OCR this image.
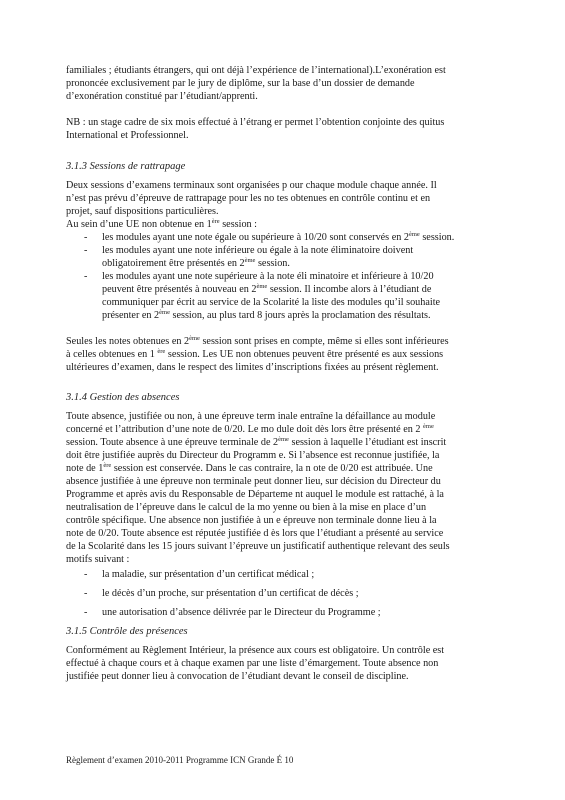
familiales ; étudiants étrangers, qui ont déjà l’expérience de l’international).L’exonération est

prononcée exclusivement par le jury de diplôme, sur la base d’un dossier de demande

d’exonération constitué par l’étudiant/apprenti.

NB : un stage cadre de six mois effectué à l’étrang er permet l’obtention conjointe des quitus

International et Professionnel.

3.1.3 Sessions de rattrapage

Deux sessions d’examens terminaux sont organisées p our chaque module chaque année. Il

n’est pas prévu d’épreuve de rattrapage pour les no tes obtenues en contrôle continu et en

projet, sauf dispositions particulières.

Au sein d’une UE non obtenue en 1ère session :

- les modules ayant une note égale ou supérieure à 10/20 sont conservés en 2ème session.
- les modules ayant une note inférieure ou égale à la note éliminatoire doivent
obligatoirement être présentés en 2ème session.
- les modules ayant une note supérieure à la note éli minatoire et inférieure à 10/20
peuvent être présentés à nouveau en 2ème session. Il incombe alors à l’étudiant de
communiquer par écrit au service de la Scolarité la liste des modules qu’il souhaite
présenter en 2ème session, au plus tard 8 jours après la proclamation des résultats.

Seules les notes obtenues en 2ème session sont prises en compte, même si elles sont inférieures

à celles obtenues en 1 $^{ère}$ session. Les UE non obtenues peuvent être présenté es aux sessions

ultérieures d’examen, dans le respect des limites d’inscriptions fixées au présent règlement.

3.1.4 Gestion des absences

Toute absence, justifiée ou non, à une épreuve term inale entraîne la défaillance au module

concerné et l’attribution d’une note de 0/20. Le mo dule doit dès lors être présenté en 2 $^{ème}$

session. Toute absence à une épreuve terminale de 2ème session à laquelle l’étudiant est inscrit

doit être justifiée auprès du Directeur du Programm e. Si l’absence est reconnue justifiée, la

note de 1ère session est conservée. Dans le cas contraire, la n ote de 0/20 est attribuée. Une

absence justifiée à une épreuve non terminale peut donner lieu, sur décision du Directeur du

Programme et après avis du Responsable de Départeme nt auquel le module est rattaché, à la

neutralisation de l’épreuve dans le calcul de la mo yenne ou bien à la mise en place d’un

contrôle spécifique. Une absence non justifiée à un e épreuve non terminale donne lieu à la

note de 0/20. Toute absence est réputée justifiée d ès lors que l’étudiant a présenté au service

de la Scolarité dans les 15 jours suivant l’épreuve un justificatif authentique relevant des seuls

motifs suivant :

- la maladie, sur présentation d’un certificat médical ;
- le décès d’un proche, sur présentation d’un certificat de décès ;
- une autorisation d’absence délivrée par le Directeur du Programme ;

3.1.5 Contrôle des présences

Conformément au Règlement Intérieur, la présence aux cours est obligatoire. Un contrôle est

effectué à chaque cours et à chaque examen par une liste d’émargement. Toute absence non

justifiée peut donner lieu à convocation de l’étudiant devant le conseil de discipline.

Règlement d’examen 2010-2011 Programme ICN Grande É 10
